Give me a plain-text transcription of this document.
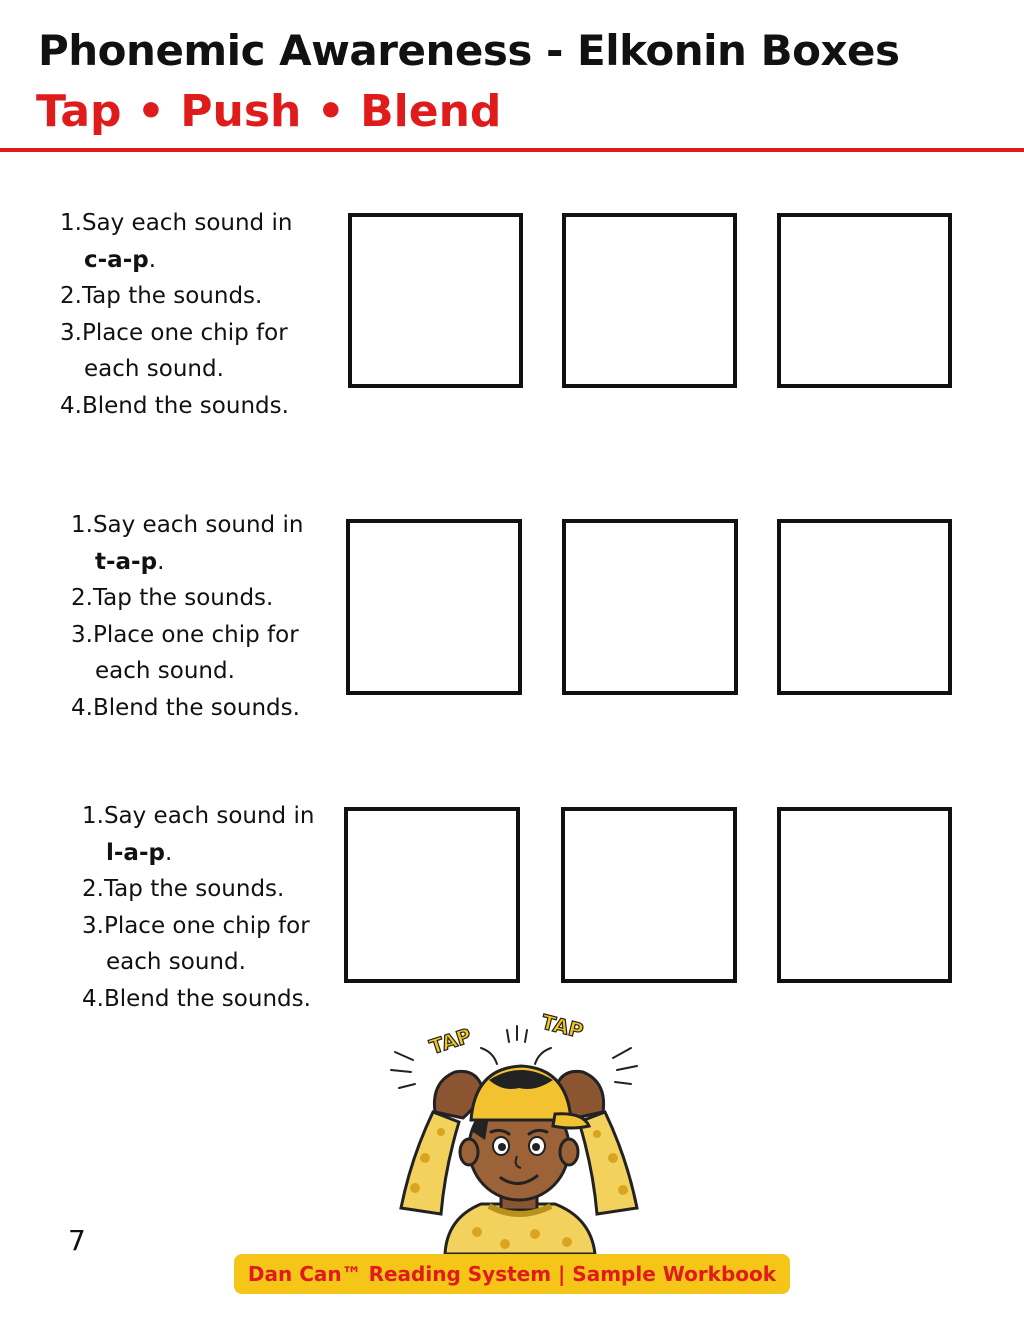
Phonemic Awareness - Elkonin Boxes
Tap • Push • Blend
1.Say each sound in
c-a-p.
2.Tap the sounds.
3.Place one chip for
each sound.
4.Blend the sounds.
1.Say each sound in
t-a-p.
2.Tap the sounds.
3.Place one chip for
each sound.
4.Blend the sounds.
1.Say each sound in
l-a-p.
2.Tap the sounds.
3.Place one chip for
each sound.
4.Blend the sounds.
TAP	TAP
7
Dan Can™ Reading System | Sample Workbook
